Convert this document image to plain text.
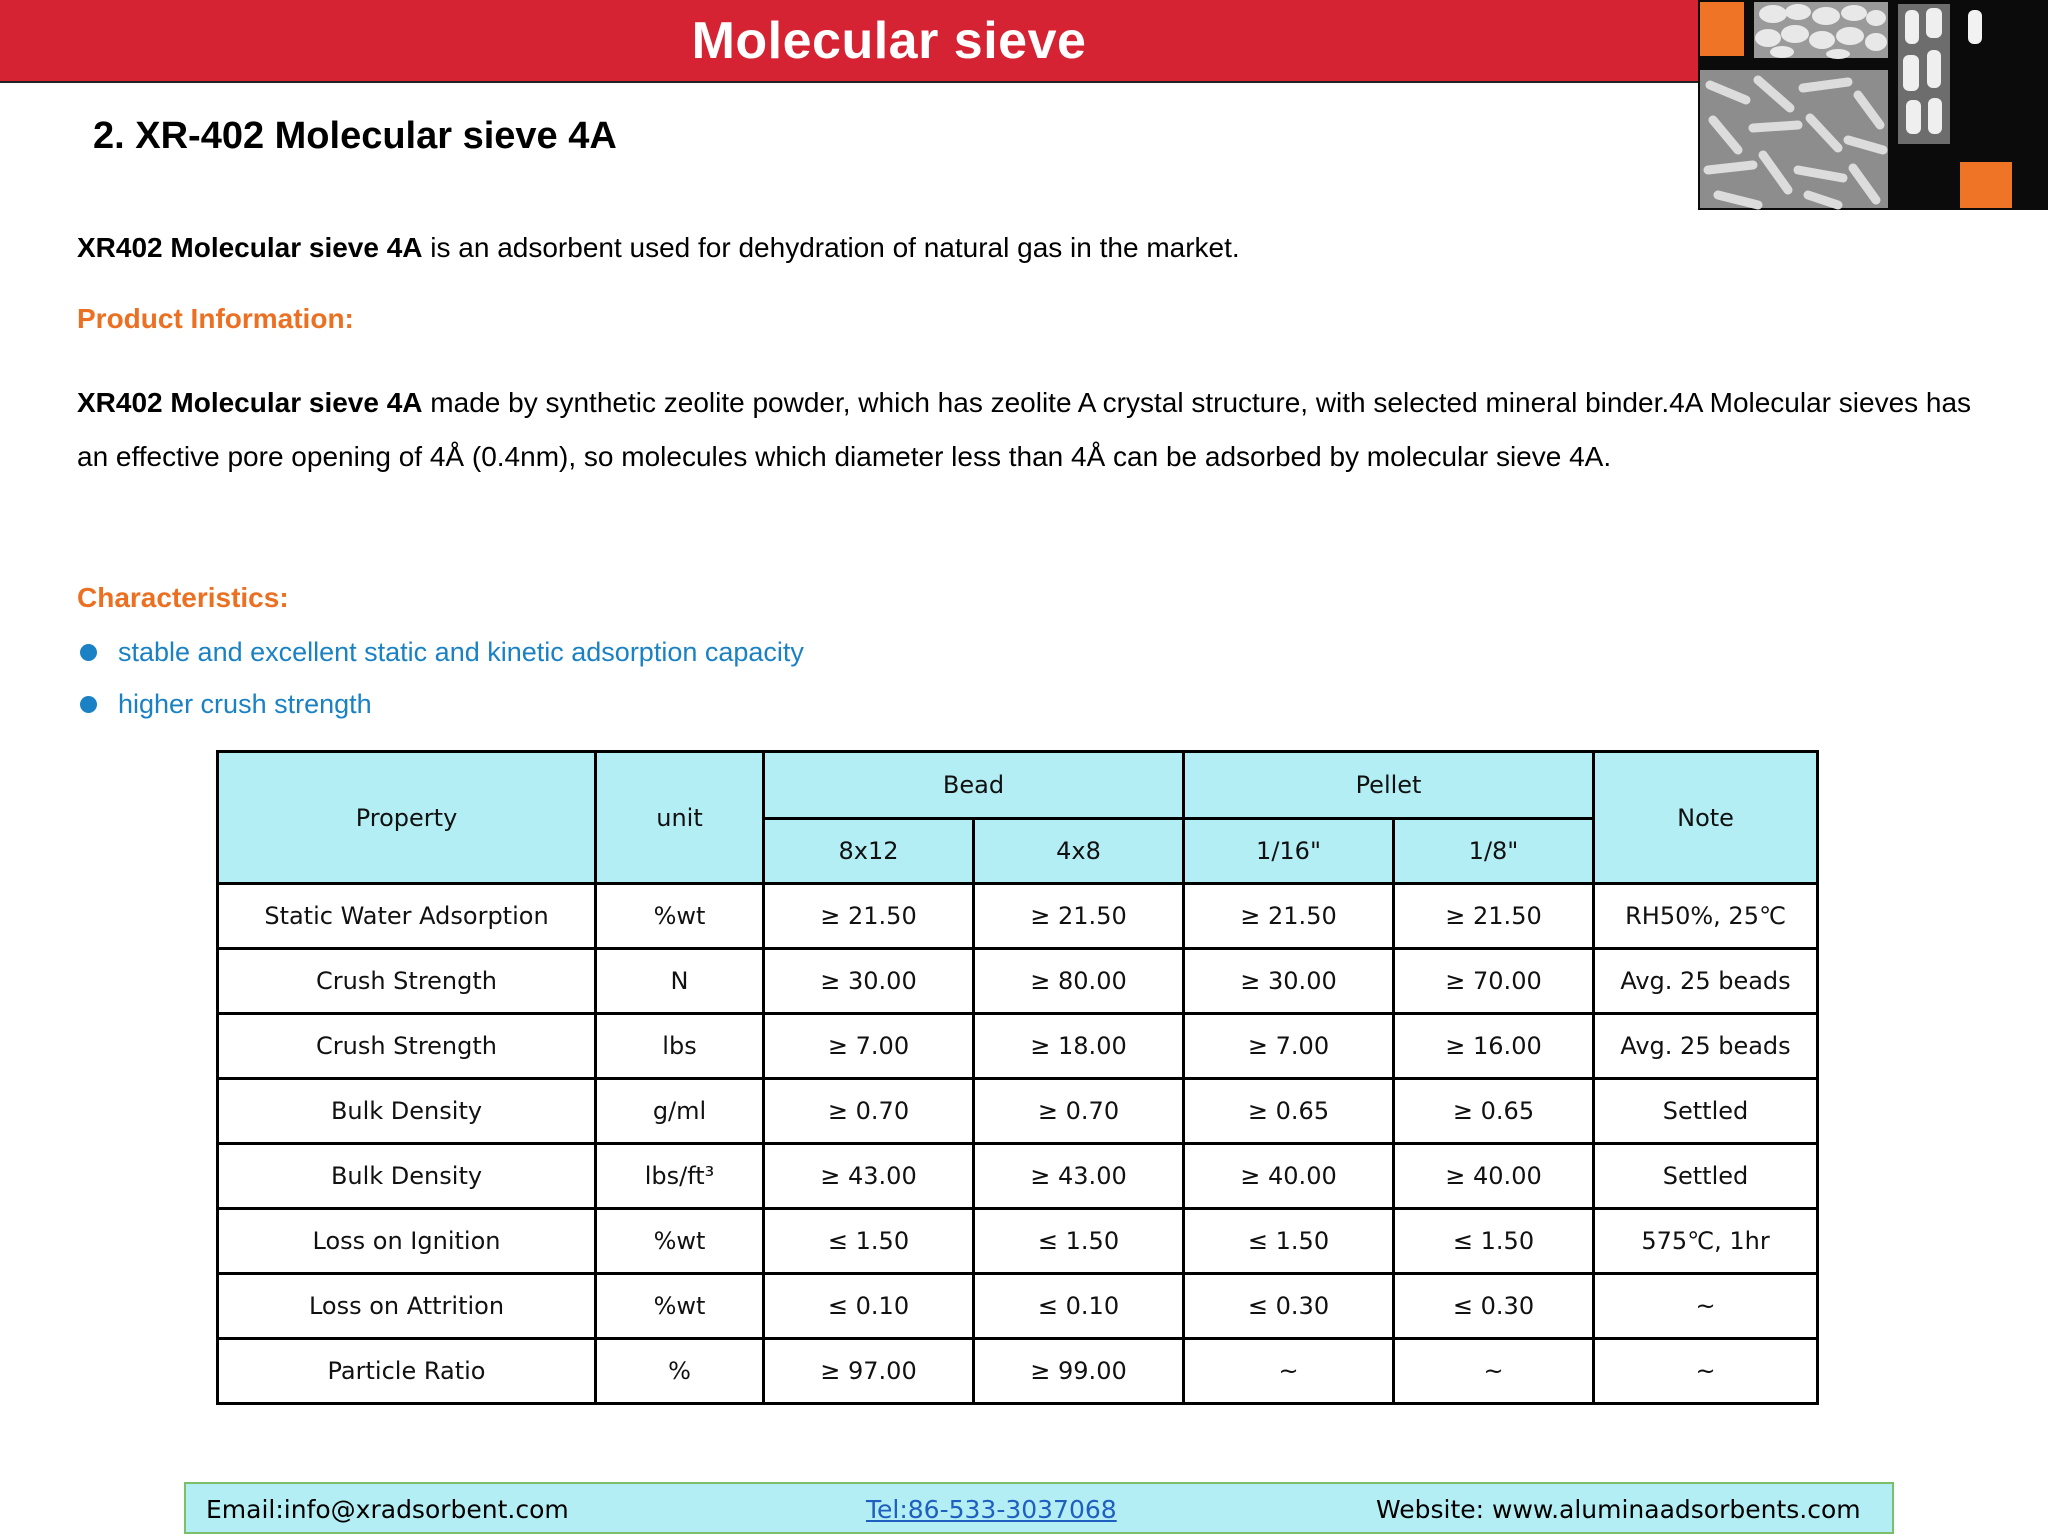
Molecular sieve
2. XR-402 Molecular sieve 4A
XR402 Molecular sieve 4A is an adsorbent used for dehydration of natural gas in the market.
Product Information:
XR402 Molecular sieve 4A made by synthetic zeolite powder, which has zeolite A crystal structure, with selected mineral binder.4A Molecular sieves has an effective pore opening of 4Å (0.4nm), so molecules which diameter less than 4Å can be adsorbed by molecular sieve 4A.
Characteristics:
stable and excellent static and kinetic adsorption capacity
higher crush strength
Property	unit	Bead		Pellet		Note
		8x12	4x8	1/16"	1/8"	
Static Water Adsorption	%wt	≥ 21.50	≥ 21.50	≥ 21.50	≥ 21.50	RH50%, 25℃
Crush Strength	N	≥ 30.00	≥ 80.00	≥ 30.00	≥ 70.00	Avg. 25 beads
Crush Strength	lbs	≥ 7.00	≥ 18.00	≥ 7.00	≥ 16.00	Avg. 25 beads
Bulk Density	g/ml	≥ 0.70	≥ 0.70	≥ 0.65	≥ 0.65	Settled
Bulk Density	lbs/ft³	≥ 43.00	≥ 43.00	≥ 40.00	≥ 40.00	Settled
Loss on Ignition	%wt	≤ 1.50	≤ 1.50	≤ 1.50	≤ 1.50	575℃, 1hr
Loss on Attrition	%wt	≤ 0.10	≤ 0.10	≤ 0.30	≤ 0.30	~
Particle Ratio	%	≥ 97.00	≥ 99.00	~	~	~
Email:info@xradsorbent.com	Tel:86-533-3037068	Website: www.aluminaadsorbents.com
